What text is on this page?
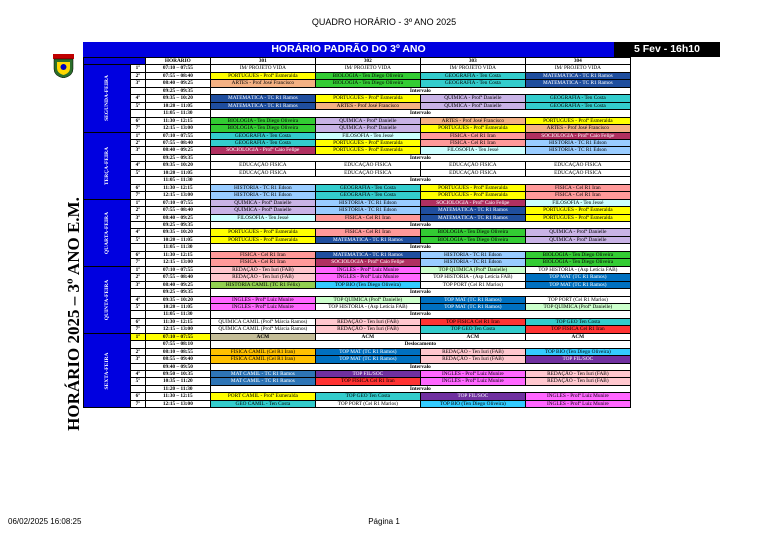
QUADRO HORÁRIO - 3º ANO 2025
HORÁRIO 2025 – 3º ANO E.M.
HORÁRIO PADRÃO DO 3º ANO	5 Fev - 16h10
		HORÁRIO	301	302	303	304

SEGUNDA-FEIRA	1º	07:10 – 07:55	IM/ PROJETO VIDA	IM/ PROJETO VIDA	IM/ PROJETO VIDA	IM/ PROJETO VIDA
	2º	07:55 – 08:40	PORTUGUÊS - Profª Esmeralda	BIOLOGIA - Ten Diego Oliveira	GEOGRAFIA - Ten Costa	MATEMÁTICA - TC R1 Ramos
	3º	08:40 – 09:25	ARTES - Prof José Francisco	BIOLOGIA - Ten Diego Oliveira	GEOGRAFIA - Ten Costa	MATEMÁTICA - TC R1 Ramos
		09:25 – 09:35	Intervalo			
	4º	09:35 – 10:20	MATEMÁTICA - TC R1 Ramos	PORTUGUÊS - Profª Esmeralda	QUÍMICA - Profª Danielle	GEOGRAFIA - Ten Costa
	5º	10:20 – 11:05	MATEMÁTICA - TC R1 Ramos	ARTES - Prof José Francisco	QUÍMICA - Profª Danielle	GEOGRAFIA - Ten Costa
		11:05 – 11:30	Intervalo			
	6º	11:30 – 12:15	BIOLOGIA - Ten Diego Oliveira	QUÍMICA - Profª Danielle	ARTES - Prof José Francisco	PORTUGUÊS - Profª Esmeralda
	7º	12:15 – 13:00	BIOLOGIA - Ten Diego Oliveira	QUÍMICA - Profª Danielle	PORTUGUÊS - Profª Esmeralda	ARTES - Prof José Francisco

TERÇA-FEIRA	1º	07:10 – 07:55	GEOGRAFIA - Ten Costa	FILOSOFIA - Ten Jessé	FÍSICA - Cel R1 Iran	SOCIOLOGIA - Profº Caio Felipe
	2º	07:55 – 08:40	GEOGRAFIA - Ten Costa	PORTUGUÊS - Profª Esmeralda	FÍSICA - Cel R1 Iran	HISTÓRIA - TC R1 Edson
	3º	08:40 – 09:25	SOCIOLOGIA - Profº Caio Felipe	PORTUGUÊS - Profª Esmeralda	FILOSOFIA - Ten Jessé	HISTÓRIA - TC R1 Edson
		09:25 – 09:35	Intervalo			
	4º	09:35 – 10:20	EDUCAÇÃO FÍSICA	EDUCAÇÃO FÍSICA	EDUCAÇÃO FÍSICA	EDUCAÇÃO FÍSICA
	5º	10:20 – 11:05	EDUCAÇÃO FÍSICA	EDUCAÇÃO FÍSICA	EDUCAÇÃO FÍSICA	EDUCAÇÃO FÍSICA
		11:05 – 11:30	Intervalo			
	6º	11:30 – 12:15	HISTÓRIA - TC R1 Edson	GEOGRAFIA - Ten Costa	PORTUGUÊS - Profª Esmeralda	FÍSICA - Cel R1 Iran
	7º	12:15 – 13:00	HISTÓRIA - TC R1 Edson	GEOGRAFIA - Ten Costa	PORTUGUÊS - Profª Esmeralda	FÍSICA - Cel R1 Iran

QUARTA-FEIRA	1º	07:10 – 07:55	QUÍMICA - Profª Danielle	HISTÓRIA - TC R1 Edson	SOCIOLOGIA - Profº Caio Felipe	FILOSOFIA - Ten Jessé
	2º	07:55 – 08:40	QUÍMICA - Profª Danielle	HISTÓRIA - TC R1 Edson	MATEMÁTICA - TC R1 Ramos	PORTUGUÊS - Profª Esmeralda
	3º	08:40 – 09:25	FILOSOFIA - Ten Jessé	FÍSICA - Cel R1 Iran	MATEMÁTICA - TC R1 Ramos	PORTUGUÊS - Profª Esmeralda
		09:25 – 09:35	Intervalo			
	4º	09:35 – 10:20	PORTUGUÊS - Profª Esmeralda	FÍSICA - Cel R1 Iran	BIOLOGIA - Ten Diego Oliveira	QUÍMICA - Profª Danielle
	5º	10:20 – 11:05	PORTUGUÊS - Profª Esmeralda	MATEMÁTICA - TC R1 Ramos	BIOLOGIA - Ten Diego Oliveira	QUÍMICA - Profª Danielle
		11:05 – 11:30	Intervalo			
	6º	11:30 – 12:15	FÍSICA - Cel R1 Iran	MATEMÁTICA - TC R1 Ramos	HISTÓRIA - TC R1 Edson	BIOLOGIA - Ten Diego Oliveira
	7º	12:15 – 13:00	FÍSICA - Cel R1 Iran	SOCIOLOGIA - Profº Caio Felipe	HISTÓRIA - TC R1 Edson	BIOLOGIA - Ten Diego Oliveira

QUINTA-FEIRA	1º	07:10 – 07:55	REDAÇÃO - Ten Iuri (FAB)	INGLÊS - Profª Luiz Munire	TOP QUÍMICA (Profª Danielle)	TOP HISTÓRIA - (Asp Letícia FAB)
	2º	07:55 – 08:40	REDAÇÃO - Ten Iuri (FAB)	INGLÊS - Profª Luiz Munire	TOP HISTÓRIA - (Asp Letícia FAB)	TOP MAT (TC R1 Ramos)
	3º	08:40 – 09:25	HISTÓRIA CAMIL (TC R1 Félix)	TOP BIO (Ten Diego Oliveira)	TOP PORT (Cel R1 Marlos)	TOP MAT (TC R1 Ramos)
		09:25 – 09:35	Intervalo			
	4º	09:35 – 10:20	INGLÊS - Profª Luiz Munire	TOP QUÍMICA (Profª Danielle)	TOP MAT (TC R1 Ramos)	TOP PORT (Cel R1 Marlos)
	5º	10:20 – 11:05	INGLÊS - Profª Luiz Munire	TOP HISTÓRIA - (Asp Letícia FAB)	TOP MAT (TC R1 Ramos)	TOP QUÍMICA (Profª Danielle)
		11:05 – 11:30	Intervalo			
	6º	11:30 – 12:15	QUÍMICA CAMIL (Profª Márcia Ramos)	REDAÇÃO - Ten Iuri (FAB)	TOP FÍSICA Cel R1 Iran	TOP GEO Ten Costa
	7º	12:15 – 13:00	QUÍMICA CAMIL (Profª Márcia Ramos)	REDAÇÃO - Ten Iuri (FAB)	TOP GEO Ten Costa	TOP FÍSICA Cel R1 Iran

SEXTA-FEIRA	1º	07:10 – 07:55	ACM	ACM	ACM	ACM
		07:55 – 08:10	Deslocamento			
	2º	08:10 – 08:55	FÍSICA CAMIL (Cel R1 Iran)	TOP MAT (TC R1 Ramos)	REDAÇÃO - Ten Iuri (FAB)	TOP BIO (Ten Diego Oliveira)
	3º	08:55 – 09:40	FÍSICA CAMIL (Cel R1 Iran)	TOP MAT (TC R1 Ramos)	REDAÇÃO - Ten Iuri (FAB)	TOP FIL/SOC
		09:40 – 09:50	Intervalo			
	4º	09:50 – 10:35	MAT CAMIL - TC R1 Ramos	TOP FIL/SOC	INGLÊS - Profª Luiz Munire	REDAÇÃO - Ten Iuri (FAB)
	5º	10:35 – 11:20	MAT CAMIL - TC R1 Ramos	TOP FÍSICA Cel R1 Iran	INGLÊS - Profª Luiz Munire	REDAÇÃO - Ten Iuri (FAB)
		11:20 – 11:30	Intervalo			
	6º	11:30 – 12:15	PORT CAMIL - Profª Esmeralda	TOP GEO Ten Costa	TOP FIL/SOC	INGLÊS - Profª Luiz Munire
	7º	12:15 – 13:00	GEO CAMIL - Ten Costa	TOP PORT (Cel R1 Marlos)	TOP BIO (Ten Diego Oliveira)	INGLÊS - Profª Luiz Munire
06/02/2025 16:08:25	Página 1
